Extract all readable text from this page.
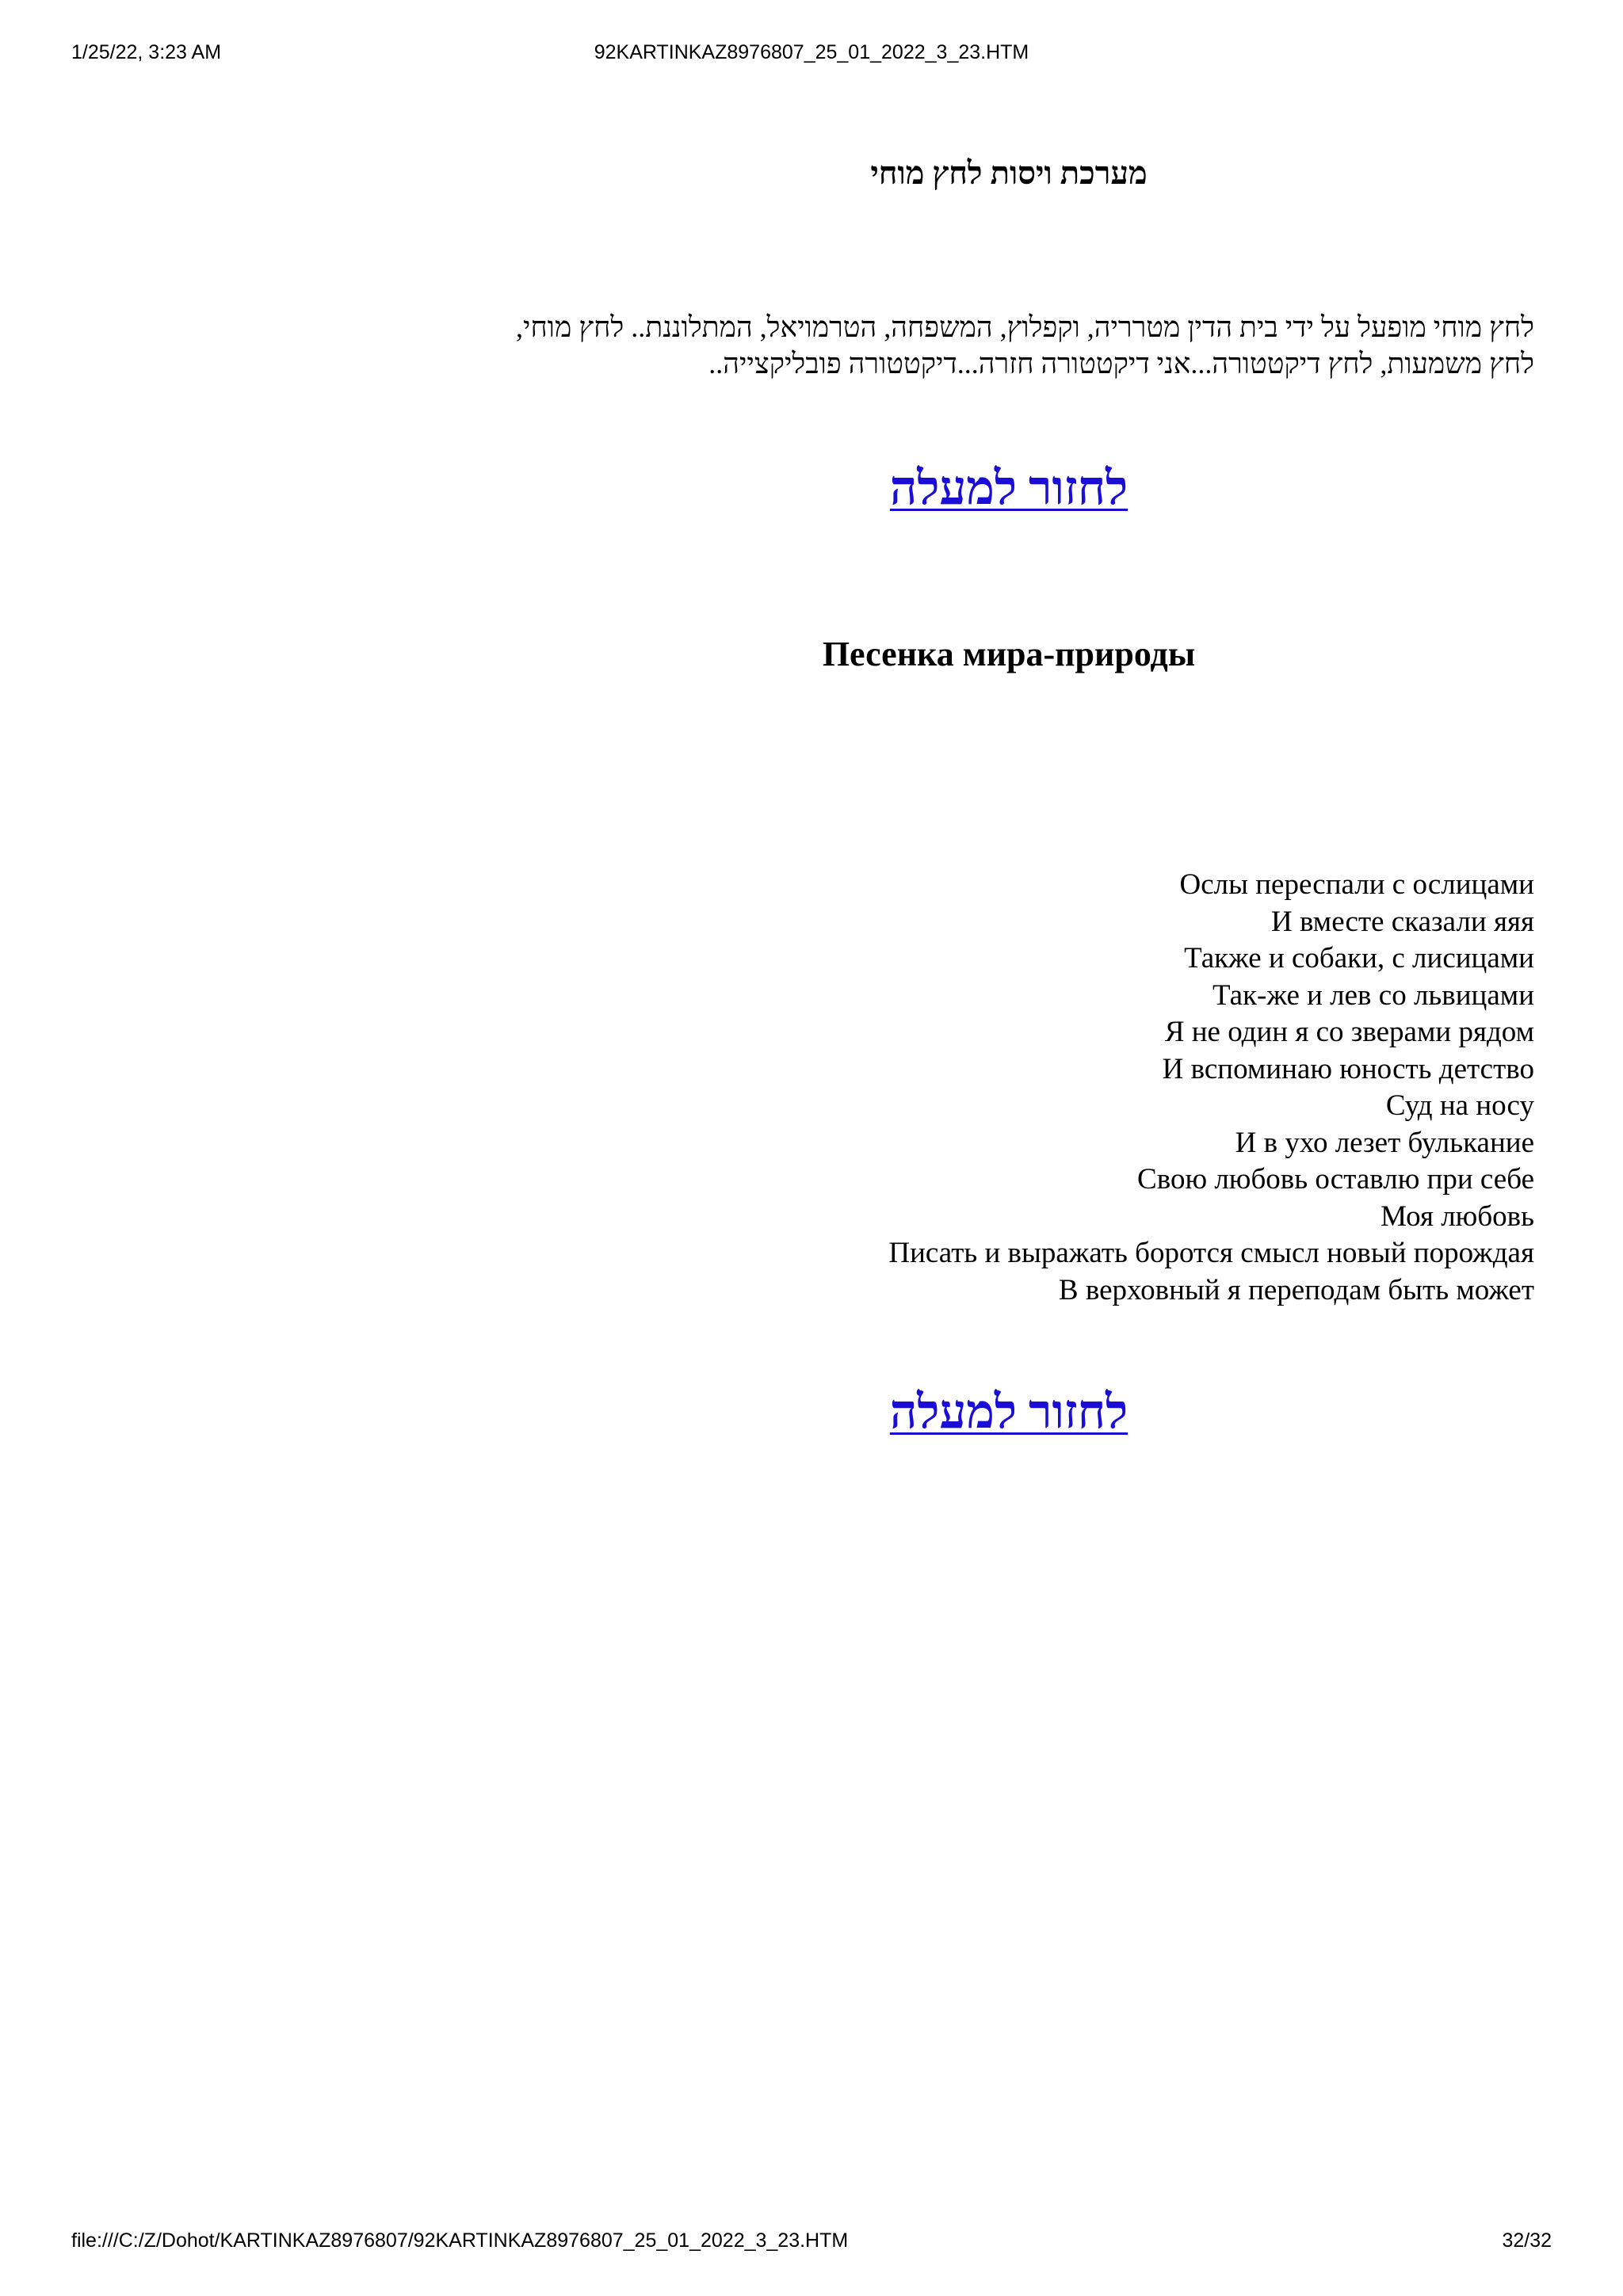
1/25/22, 3:23 AM	92KARTINKAZ8976807_25_01_2022_3_23.HTM
מערכת ויסות לחץ מוחי

לחץ מוחי מופעל על ידי בית הדין מטרריה, וקפלוץ, המשפחה, הטרמויאל, המתלוננת.. לחץ מוחי,

לחץ משמעות, לחץ דיקטטורה...אני דיקטטורה חזרה...דיקטטורה פובליקצייה..

לחזור למעלה

Песенка мира-природы
Ослы переспали с ослицами
И вместе сказали яяя
Также и собаки, с лисицами
Так-же и лев со львицами
Я не один я со зверами рядом
И вспоминаю юность детство
Суд на носу
И в ухо лезет булькание
Свою любовь оставлю при себе
Моя любовь
Писать и выражать боротся смысл новый порождая
В верховный я переподам быть может

לחזור למעלה

file:///C:/Z/Dohot/KARTINKAZ8976807/92KARTINKAZ8976807_25_01_2022_3_23.HTM	32/32
